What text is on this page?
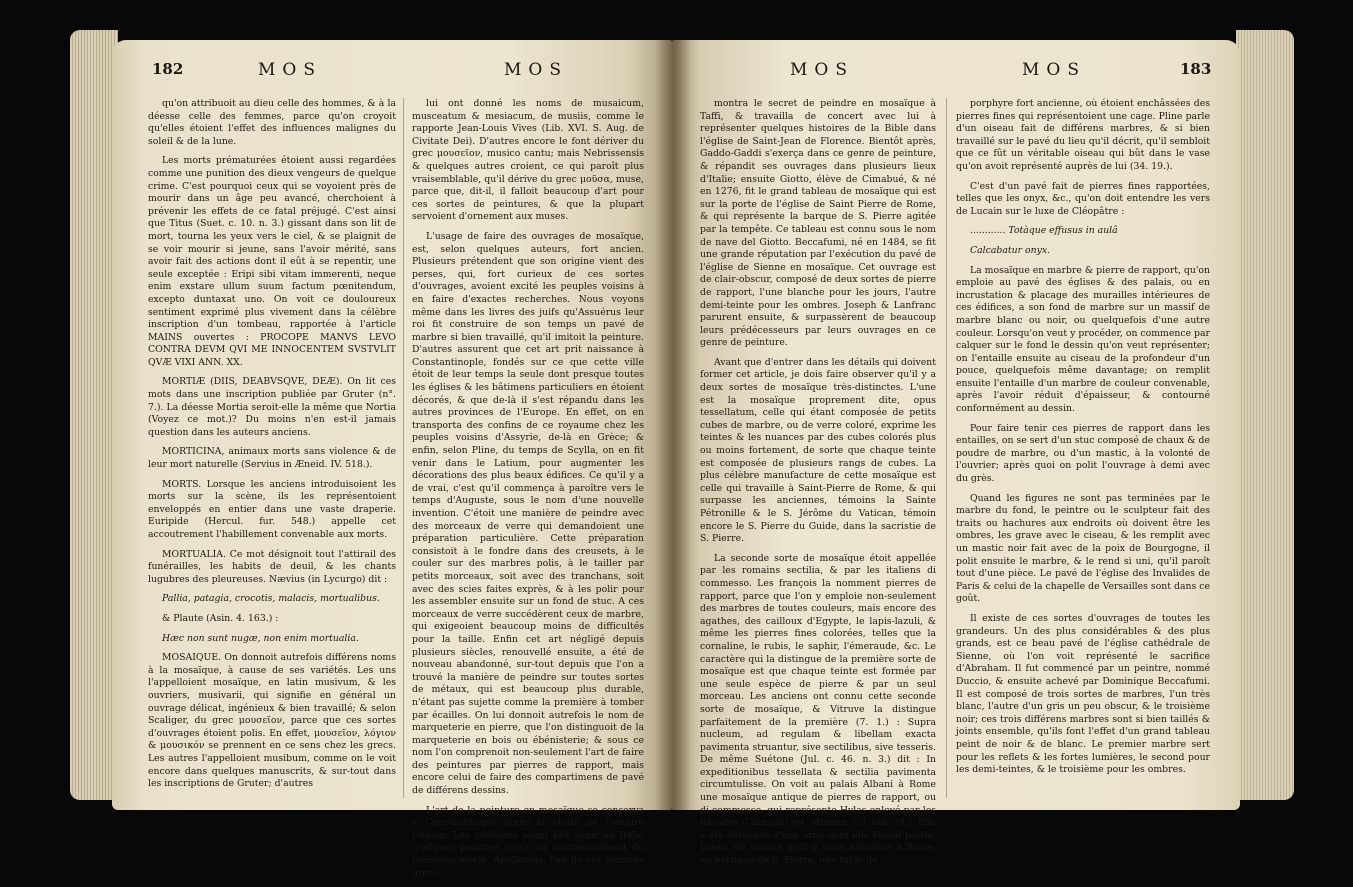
182	MOS	MOS

qu'on attribuoit au dieu celle des hommes, & à la déesse celle des femmes, parce qu'on croyoit qu'elles étoient l'effet des influences malignes du soleil & de la lune.

Les morts prématurées étoient aussi regardées comme une punition des dieux vengeurs de quelque crime. C'est pourquoi ceux qui se voyoient près de mourir dans un âge peu avancé, cherchoient à prévenir les effets de ce fatal préjugé. C'est ainsi que Titus (Suet. c. 10. n. 3.) gissant dans son lit de mort, tourna les yeux vers le ciel, & se plaignit de se voir mourir si jeune, sans l'avoir mérité, sans avoir fait des actions dont il eût à se repentir, une seule exceptée : Eripi sibi vitam immerenti, neque enim exstare ullum suum factum pœnitendum, excepto duntaxat uno. On voit ce douloureux sentiment exprimé plus vivement dans la célèbre inscription d'un tombeau, rapportée à l'article MAINS ouvertes : PROCOPE MANVS LEVO CONTRA DEVM QVI ME INNOCENTEM SVSTVLIT QVÆ VIXI ANN. XX.

MORTIÆ (DIIS, DEABVSQVE, DEÆ). On lit ces mots dans une inscription publiée par Gruter (n°. 7.). La déesse Mortia seroit-elle la même que Nortia (Voyez ce mot.)? Du moins n'en est-il jamais question dans les auteurs anciens.

MORTICINA, animaux morts sans violence & de leur mort naturelle (Servius in Æneid. IV. 518.).

MORTS. Lorsque les anciens introduisoient les morts sur la scène, ils les représentoient enveloppés en entier dans une vaste draperie. Euripide (Hercul. fur. 548.) appelle cet accoutrement l'habillement convenable aux morts.

MORTUALIA. Ce mot désignoit tout l'attirail des funérailles, les habits de deuil, & les chants lugubres des pleureuses. Nævius (in Lycurgo) dit :

Pallia, patagia, crocotis, malacis, mortualibus.

& Plaute (Asin. 4. 163.) :

Hæc non sunt nugæ, non enim mortualia.

MOSAIQUE. On donnoit autrefois différens noms à la mosaïque, à cause de ses variétés. Les uns l'appelloient mosaïque, en latin musivum, & les ouvriers, musivarii, qui signifie en général un ouvrage délicat, ingénieux & bien travaillé; & selon Scaliger, du grec μουσεῖον, parce que ces sortes d'ouvrages étoient polis. En effet, μουσεῖον, λόγιον & μουσικόν se prennent en ce sens chez les grecs. Les autres l'appelloient musibum, comme on le voit encore dans quelques manuscrits, & sur-tout dans les inscriptions de Gruter; d'autres

lui ont donné les noms de musaicum, musceatum & mesiacum, de musiis, comme le rapporte Jean-Louis Vives (Lib. XVI. S. Aug. de Civitate Dei). D'autres encore le font dériver du grec μουσεῖον, musico cantu; mais Nebrissensis & quelques autres croient, ce qui paroît plus vraisemblable, qu'il dérive du grec μοῦσα, muse, parce que, dit-il, il falloit beaucoup d'art pour ces sortes de peintures, & que la plupart servoient d'ornement aux muses.

L'usage de faire des ouvrages de mosaïque, est, selon quelques auteurs, fort ancien. Plusieurs prétendent que son origine vient des perses, qui, fort curieux de ces sortes d'ouvrages, avoient excité les peuples voisins à en faire d'exactes recherches. Nous voyons même dans les livres des juifs qu'Assuérus leur roi fit construire de son temps un pavé de marbre si bien travaillé, qu'il imitoit la peinture. D'autres assurent que cet art prit naissance à Constantinople, fondés sur ce que cette ville étoit de leur temps la seule dont presque toutes les églises & les bâtimens particuliers en étoient décorés, & que de-là il s'est répandu dans les autres provinces de l'Europe. En effet, on en transporta des confins de ce royaume chez les peuples voisins d'Assyrie, de-là en Grèce; & enfin, selon Pline, du temps de Scylla, on en fit venir dans le Latium, pour augmenter les décorations des plus beaux édifices. Ce qu'il y a de vrai, c'est qu'il commença à paroître vers le temps d'Auguste, sous le nom d'une nouvelle invention. C'étoit une manière de peindre avec des morceaux de verre qui demandoient une préparation particulière. Cette préparation consistoit à le fondre dans des creusets, à le couler sur des marbres polis, à le tailler par petits morceaux, soit avec des tranchans, soit avec des scies faites exprès, & à les polir pour les assembler ensuite sur un fond de stuc. A ces morceaux de verre succédèrent ceux de marbre, qui exigeoient beaucoup moins de difficultés pour la taille. Enfin cet art négligé depuis plusieurs siècles, renouvellé ensuite, a été de nouveau abandonné, sur-tout depuis que l'on a trouvé la manière de peindre sur toutes sortes de métaux, qui est beaucoup plus durable, n'étant pas sujette comme la première à tomber par écailles. On lui donnoit autrefois le nom de marqueterie en pierre, que l'on distinguoit de la marqueterie en bois ou ébénisterie; & sous ce nom l'on comprenoit non-seulement l'art de faire des peintures par pierres de rapport, mais encore celui de faire des compartimens de pavé de différens dessins.

L'art de la peinture en mosaïque se conserva à Constantinople après la chute de l'empire romain. Les vénitiens ayant fait venir en Italie quelques peintres grecs au commencement du treizième siècle, Apollonius, l'un de ces peintres grecs,

MOS	MOS	183

montra le secret de peindre en mosaïque à Taffi, & travailla de concert avec lui à représenter quelques histoires de la Bible dans l'église de Saint-Jean de Florence. Bientôt après, Gaddo-Gaddi s'exerça dans ce genre de peinture, & répandit ses ouvrages dans plusieurs lieux d'Italie; ensuite Giotto, élève de Cimabué, & né en 1276, fit le grand tableau de mosaïque qui est sur la porte de l'église de Saint Pierre de Rome, & qui représente la barque de S. Pierre agitée par la tempête. Ce tableau est connu sous le nom de nave del Giotto. Beccafumi, né en 1484, se fit une grande réputation par l'exécution du pavé de l'église de Sienne en mosaïque. Cet ouvrage est de clair-obscur, composé de deux sortes de pierre de rapport, l'une blanche pour les jours, l'autre demi-teinte pour les ombres. Joseph & Lanfranc parurent ensuite, & surpassèrent de beaucoup leurs prédécesseurs par leurs ouvrages en ce genre de peinture.

Avant que d'entrer dans les détails qui doivent former cet article, je dois faire observer qu'il y a deux sortes de mosaïque très-distinctes. L'une est la mosaïque proprement dite, opus tessellatum, celle qui étant composée de petits cubes de marbre, ou de verre coloré, exprime les teintes & les nuances par des cubes colorés plus ou moins fortement, de sorte que chaque teinte est composée de plusieurs rangs de cubes. La plus célèbre manufacture de cette mosaïque est celle qui travaille à Saint-Pierre de Rome, & qui surpasse les anciennes, témoins la Sainte Pétronille & le S. Jérôme du Vatican, témoin encore le S. Pierre du Guide, dans la sacristie de S. Pierre.

La seconde sorte de mosaïque étoit appellée par les romains sectilia, & par les italiens di commesso. Les françois la nomment pierres de rapport, parce que l'on y emploie non-seulement des marbres de toutes couleurs, mais encore des agathes, des cailloux d'Egypte, le lapis-lazuli, & même les pierres fines colorées, telles que la cornaline, le rubis, le saphir, l'émeraude, &c. Le caractère qui la distingue de la première sorte de mosaïque est que chaque teinte est formée par une seule espèce de pierre & par un seul morceau. Les anciens ont connu cette seconde sorte de mosaïque, & Vitruve la distingue parfaitement de la première (7. 1.) : Supra nucleum, ad regulam & libellam exacta pavimenta struantur, sive sectilibus, sive tesseris. De même Suétone (Jul. c. 46. n. 3.) dit : In expeditionibus tessellata & sectilia pavimenta circumtulisse. On voit au palais Albani à Rome une mosaïque antique de pierres de rapport, ou di commesso, qui représente Hylas enlevé par les nayades (Ciampini vet. Monum. t. I. tab. 34.). Elle a été détachée d'une urne dont elle faisoit partie. Vasari dit encore qu'il y avoit autrefois à Rome, au portique de S. Pierre, une table de

porphyre fort ancienne, où étoient enchâssées des pierres fines qui représentoient une cage. Pline parle d'un oiseau fait de différens marbres, & si bien travaillé sur le pavé du lieu qu'il décrit, qu'il sembloit que ce fût un véritable oiseau qui bût dans le vase qu'on avoit représenté auprès de lui (34. 19.).

C'est d'un pavé fait de pierres fines rapportées, telles que les onyx, &c., qu'on doit entendre les vers de Lucain sur le luxe de Cléopâtre :

............ Totàque effusus in aulâ

Calcabatur onyx.

La mosaïque en marbre & pierre de rapport, qu'on emploie au pavé des églises & des palais, ou en incrustation & placage des murailles intérieures de ces édifices, a son fond de marbre sur un massif de marbre blanc ou noir, ou quelquefois d'une autre couleur. Lorsqu'on veut y procéder, on commence par calquer sur le fond le dessin qu'on veut représenter; on l'entaille ensuite au ciseau de la profondeur d'un pouce, quelquefois même davantage; on remplit ensuite l'entaille d'un marbre de couleur convenable, après l'avoir réduit d'épaisseur, & contourné conformément au dessin.

Pour faire tenir ces pierres de rapport dans les entailles, on se sert d'un stuc composé de chaux & de poudre de marbre, ou d'un mastic, à la volonté de l'ouvrier; après quoi on polit l'ouvrage à demi avec du grès.

Quand les figures ne sont pas terminées par le marbre du fond, le peintre ou le sculpteur fait des traits ou hachures aux endroits où doivent être les ombres, les grave avec le ciseau, & les remplit avec un mastic noir fait avec de la poix de Bourgogne, il polit ensuite le marbre, & le rend si uni, qu'il paroît tout d'une pièce. Le pavé de l'église des Invalides de Paris & celui de la chapelle de Versailles sont dans ce goût.

Il existe de ces sortes d'ouvrages de toutes les grandeurs. Un des plus considérables & des plus grands, est ce beau pavé de l'église cathédrale de Sienne, où l'on voit représenté le sacrifice d'Abraham. Il fut commencé par un peintre, nommé Duccio, & ensuite achevé par Dominique Beccafumi. Il est composé de trois sortes de marbres, l'un très blanc, l'autre d'un gris un peu obscur, & le troisième noir; ces trois différens marbres sont si bien taillés & joints ensemble, qu'ils font l'effet d'un grand tableau peint de noir & de blanc. Le premier marbre sert pour les reflets & les fortes lumières, le second pour les demi-teintes, & le troisième pour les ombres.
